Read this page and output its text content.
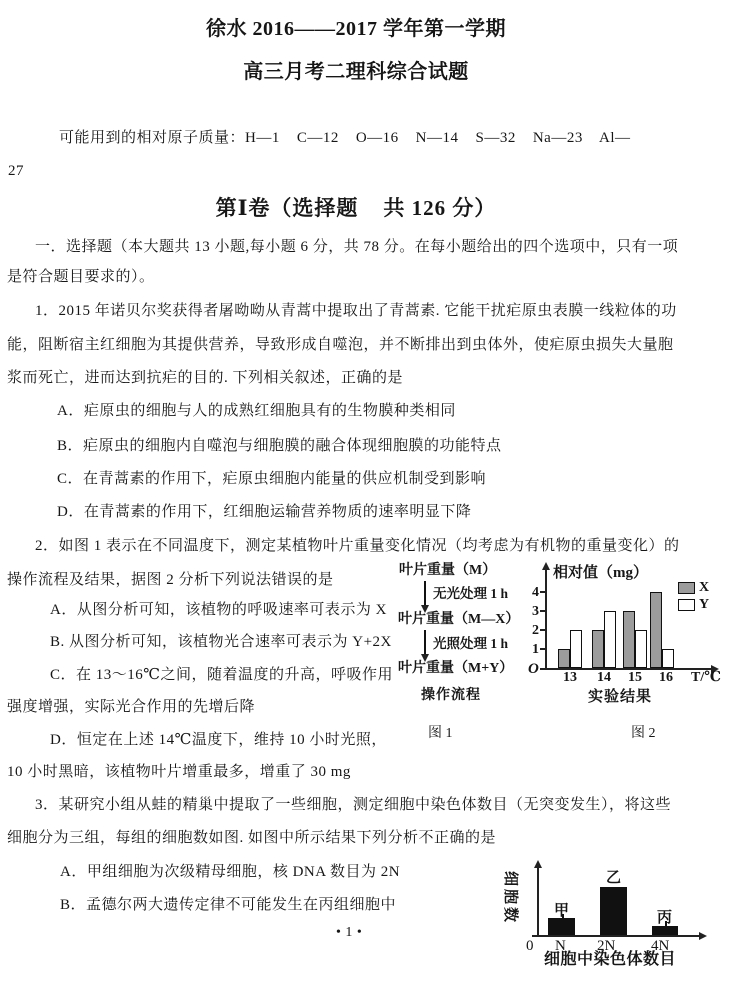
徐水 2016——2017 学年第一学期
高三月考二理科综合试题
可能用到的相对原子质量：H—1    C—12    O—16    N—14    S—32    Na—23    Al—
27
第Ⅰ卷（选择题    共 126 分）
一．选择题（本大题共 13 小题,每小题 6 分，共 78 分。在每小题给出的四个选项中，只有一项
是符合题目要求的）。
1．2015 年诺贝尔奖获得者屠呦呦从青蒿中提取出了青蒿素. 它能干扰疟原虫表膜一线粒体的功
能，阻断宿主红细胞为其提供营养，导致形成自噬泡，并不断排出到虫体外，使疟原虫损失大量胞
浆而死亡，进而达到抗疟的目的. 下列相关叙述，正确的是
A．疟原虫的细胞与人的成熟红细胞具有的生物膜种类相同
B．疟原虫的细胞内自噬泡与细胞膜的融合体现细胞膜的功能特点
C．在青蒿素的作用下，疟原虫细胞内能量的供应机制受到影响
D．在青蒿素的作用下，红细胞运输营养物质的速率明显下降
2．如图 1 表示在不同温度下，测定某植物叶片重量变化情况（均考虑为有机物的重量变化）的
操作流程及结果，据图 2 分析下列说法错误的是
A．从图分析可知，该植物的呼吸速率可表示为 X
B. 从图分析可知，该植物光合速率可表示为 Y+2X
C．在 13～16℃之间，随着温度的升高，呼吸作用
强度增强，实际光合作用的先增后降
D．恒定在上述 14℃温度下，维持 10 小时光照，
10 小时黑暗，该植物叶片增重最多，增重了 30 mg
叶片重量（M）
无光处理 1 h
叶片重量（M—X）
光照处理 1 h
叶片重量（M+Y）
操作流程
图 1
相对值（mg）
4
3
2
1
O
13	14	15	16	T/℃
X
Y
实验结果
图 2
3．某研究小组从蛙的精巢中提取了一些细胞，测定细胞中染色体数目（无突变发生），将这些
细胞分为三组，每组的细胞数如图. 如图中所示结果下列分析不正确的是
A．甲组细胞为次级精母细胞，核 DNA 数目为 2N
B．孟德尔两大遗传定律不可能发生在丙组细胞中	细胞数 甲
乙
丙
0 N 2N 4N
细胞中染色体数目
• 1 •
